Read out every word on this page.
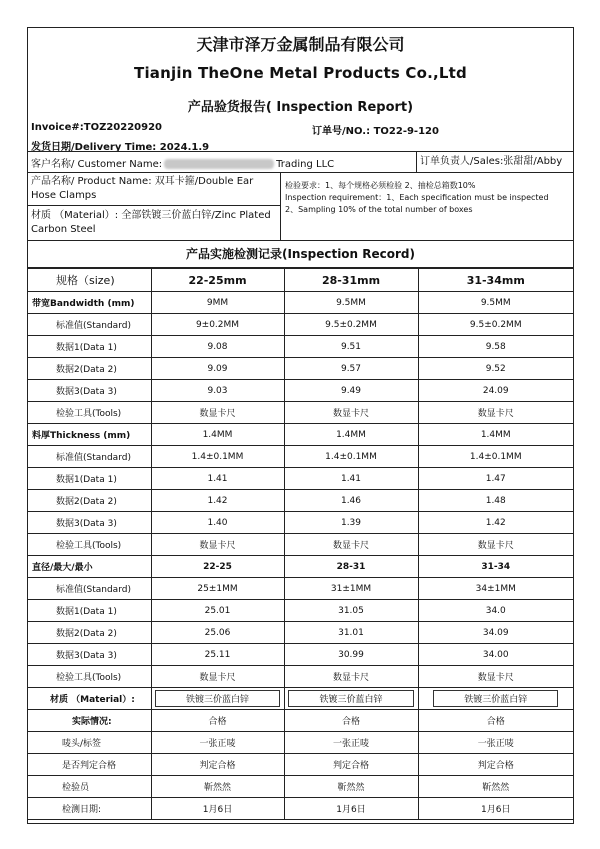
天津市泽万金属制品有限公司
Tianjin TheOne Metal Products Co.,Ltd
产品验货报告( Inspection Report)
Invoice#:TOZ20220920	订单号/NO.: TO22-9-120
发货日期/Delivery Time: 2024.1.9
客户名称/ Customer Name:	Trading LLC	订单负责人/Sales:张甜甜/Abby
产品名称/ Product Name: 双耳卡箍/Double Ear Hose Clamps
材质 （Material）: 全部铁镀三价蓝白锌/Zinc Plated Carbon Steel
检验要求：1、每个规格必须检验 2、抽检总箱数10%
Inspection requirement：1、Each specification must be inspected
2、Sampling 10% of the total number of boxes
产品实施检测记录(Inspection Record)
规格（size)	22-25mm	28-31mm	31-34mm
带宽Bandwidth (mm)	9MM	9.5MM	9.5MM
标准值(Standard)	9±0.2MM	9.5±0.2MM	9.5±0.2MM
数据1(Data 1)	9.08	9.51	9.58
数据2(Data 2)	9.09	9.57	9.52
数据3(Data 3)	9.03	9.49	24.09
检验工具(Tools)	数显卡尺	数显卡尺	数显卡尺
料厚Thickness (mm)	1.4MM	1.4MM	1.4MM
标准值(Standard)	1.4±0.1MM	1.4±0.1MM	1.4±0.1MM
数据1(Data 1)	1.41	1.41	1.47
数据2(Data 2)	1.42	1.46	1.48
数据3(Data 3)	1.40	1.39	1.42
检验工具(Tools)	数显卡尺	数显卡尺	数显卡尺
直径/最大/最小	22-25	28-31	31-34
标准值(Standard)	25±1MM	31±1MM	34±1MM
数据1(Data 1)	25.01	31.05	34.0
数据2(Data 2)	25.06	31.01	34.09
数据3(Data 3)	25.11	30.99	34.00
检验工具(Tools)	数显卡尺	数显卡尺	数显卡尺
材质 （Material）:	铁镀三价蓝白锌	铁镀三价蓝白锌	铁镀三价蓝白锌
实际情况:	合格	合格	合格
唛头/标签	一张正唛	一张正唛	一张正唛
是否判定合格	判定合格	判定合格	判定合格
检验员	靳然然	靳然然	靳然然
检测日期:	1月6日	1月6日	1月6日
